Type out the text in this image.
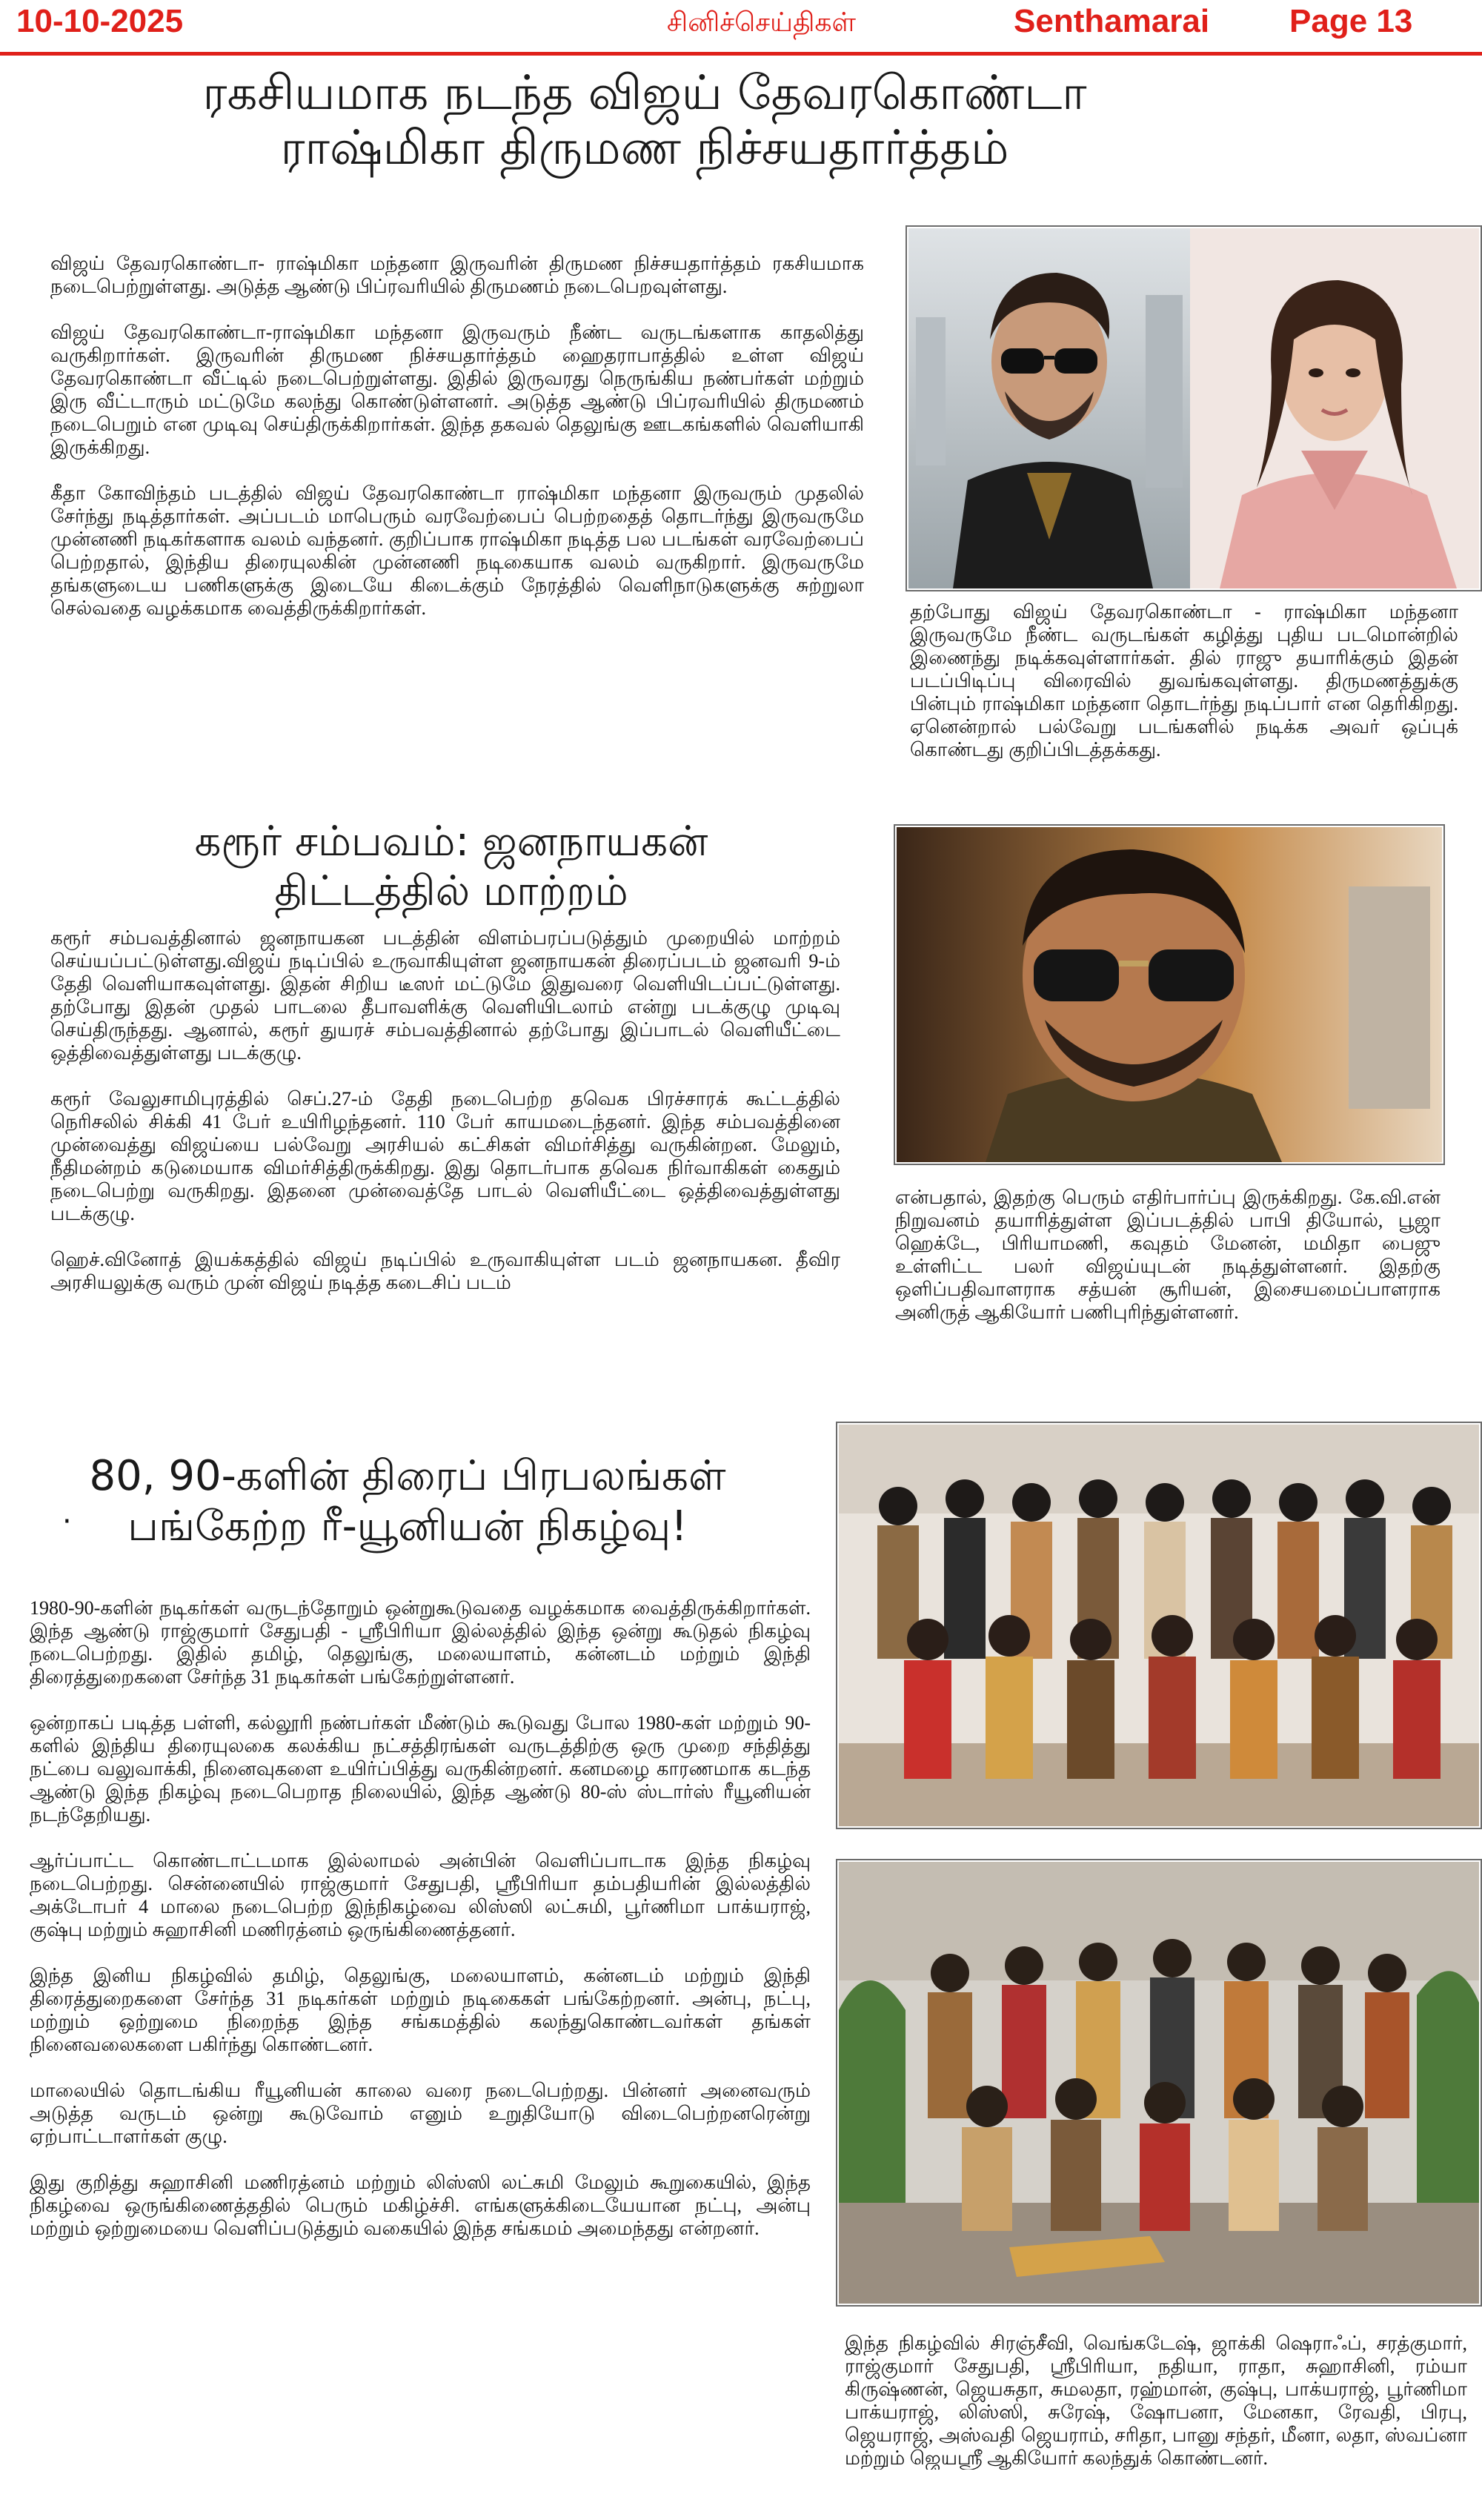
10-10-2025	சினிச்செய்திகள்	Senthamarai Page 13
ரகசியமாக நடந்த விஜய் தேவரகொண்டா
ராஷ்மிகா திருமண நிச்சயதார்த்தம்

விஜய் தேவரகொண்டா- ராஷ்மிகா மந்தனா இருவரின் திருமண நிச்சயதார்த்தம் ரகசியமாக நடைபெற்றுள்ளது. அடுத்த ஆண்டு பிப்ரவரியில் திருமணம் நடைபெறவுள்ளது.

விஜய் தேவரகொண்டா-ராஷ்மிகா மந்தனா இருவரும் நீண்ட வருடங்களாக காதலித்து வருகிறார்கள். இருவரின் திருமண நிச்சயதார்த்தம் ஹைதராபாத்தில் உள்ள விஜய் தேவரகொண்டா வீட்டில் நடைபெற்றுள்ளது. இதில் இருவரது நெருங்கிய நண்பர்கள் மற்றும் இரு வீட்டாரும் மட்டுமே கலந்து கொண்டுள்ளனர். அடுத்த ஆண்டு பிப்ரவரியில் திருமணம் நடைபெறும் என முடிவு செய்திருக்கிறார்கள். இந்த தகவல் தெலுங்கு ஊடகங்களில் வெளியாகி இருக்கிறது.

கீதா கோவிந்தம் படத்தில் விஜய் தேவரகொண்டா ராஷ்மிகா மந்தனா இருவரும் முதலில் சேர்ந்து நடித்தார்கள். அப்படம் மாபெரும் வரவேற்பைப் பெற்றதைத் தொடர்ந்து இருவருமே முன்னணி நடிகர்களாக வலம் வந்தனர். குறிப்பாக ராஷ்மிகா நடித்த பல படங்கள் வரவேற்பைப் பெற்றதால், இந்திய திரையுலகின் முன்னணி நடிகையாக வலம் வருகிறார். இருவருமே தங்களுடைய பணிகளுக்கு இடையே கிடைக்கும் நேரத்தில் வெளிநாடுகளுக்கு சுற்றுலா செல்வதை வழக்கமாக வைத்திருக்கிறார்கள்.	தற்போது விஜய் தேவரகொண்டா - ராஷ்மிகா மந்தனா இருவருமே நீண்ட வருடங்கள் கழித்து புதிய படமொன்றில் இணைந்து நடிக்கவுள்ளார்கள். தில் ராஜு தயாரிக்கும் இதன் படப்பிடிப்பு விரைவில் துவங்கவுள்ளது. திருமணத்துக்கு பின்பும் ராஷ்மிகா மந்தனா தொடர்ந்து நடிப்பார் என தெரிகிறது. ஏனென்றால் பல்வேறு படங்களில் நடிக்க அவர் ஒப்புக் கொண்டது குறிப்பிடத்தக்கது.
கரூர் சம்பவம்: ஜனநாயகன்
திட்டத்தில் மாற்றம்

கரூர் சம்பவத்தினால் ஜனநாயகன படத்தின் விளம்பரப்படுத்தும் முறையில் மாற்றம் செய்யப்பட்டுள்ளது.விஜய் நடிப்பில் உருவாகியுள்ள ஜனநாயகன் திரைப்படம் ஜனவரி 9-ம் தேதி வெளியாகவுள்ளது. இதன் சிறிய டீஸர் மட்டுமே இதுவரை வெளியிடப்பட்டுள்ளது. தற்போது இதன் முதல் பாடலை தீபாவளிக்கு வெளியிடலாம் என்று படக்குழு முடிவு செய்திருந்தது. ஆனால், கரூர் துயரச் சம்பவத்தினால் தற்போது இப்பாடல் வெளியீட்டை ஒத்திவைத்துள்ளது படக்குழு.

கரூர் வேலுசாமிபுரத்தில் செப்.27-ம் தேதி நடைபெற்ற தவெக பிரச்சாரக் கூட்டத்தில் நெரிசலில் சிக்கி 41 பேர் உயிரிழந்தனர். 110 பேர் காயமடைந்தனர். இந்த சம்பவத்தினை முன்வைத்து விஜய்யை பல்வேறு அரசியல் கட்சிகள் விமர்சித்து வருகின்றன. மேலும், நீதிமன்றம் கடுமையாக விமர்சித்திருக்கிறது. இது தொடர்பாக தவெக நிர்வாகிகள் கைதும் நடைபெற்று வருகிறது. இதனை முன்வைத்தே பாடல் வெளியீட்டை ஒத்திவைத்துள்ளது படக்குழு.

ஹெச்.வினோத் இயக்கத்தில் விஜய் நடிப்பில் உருவாகியுள்ள படம் ஜனநாயகன. தீவிர அரசியலுக்கு வரும் முன் விஜய் நடித்த கடைசிப் படம்

என்பதால், இதற்கு பெரும் எதிர்பார்ப்பு இருக்கிறது. கே.வி.என் நிறுவனம் தயாரித்துள்ள இப்படத்தில் பாபி தியோல், பூஜா ஹெக்டே, பிரியாமணி, கவுதம் மேனன், மமிதா பைஜு உள்ளிட்ட பலர் விஜய்யுடன் நடித்துள்ளனர். இதற்கு ஒளிப்பதிவாளராக சத்யன் சூரியன், இசையமைப்பாளராக அனிருத் ஆகியோர் பணிபுரிந்துள்ளனர்.
80, 90-களின் திரைப் பிரபலங்கள்
பங்கேற்ற ரீ-யூனியன் நிகழ்வு!
·

1980-90-களின் நடிகர்கள் வருடந்தோறும் ஒன்றுகூடுவதை வழக்கமாக வைத்திருக்கிறார்கள். இந்த ஆண்டு ராஜ்குமார் சேதுபதி - ஸ்ரீபிரியா இல்லத்தில் இந்த ஒன்று கூடுதல் நிகழ்வு நடைபெற்றது. இதில் தமிழ், தெலுங்கு, மலையாளம், கன்னடம் மற்றும் இந்தி திரைத்துறைகளை சேர்ந்த 31 நடிகர்கள் பங்கேற்றுள்ளனர்.

ஒன்றாகப் படித்த பள்ளி, கல்லூரி நண்பர்கள் மீண்டும் கூடுவது போல 1980-கள் மற்றும் 90-களில் இந்திய திரையுலகை கலக்கிய நட்சத்திரங்கள் வருடத்திற்கு ஒரு முறை சந்தித்து நட்பை வலுவாக்கி, நினைவுகளை உயிர்ப்பித்து வருகின்றனர். கனமழை காரணமாக கடந்த ஆண்டு இந்த நிகழ்வு நடைபெறாத நிலையில், இந்த ஆண்டு 80-ஸ் ஸ்டார்ஸ் ரீயூனியன் நடந்தேறியது.

ஆர்ப்பாட்ட கொண்டாட்டமாக இல்லாமல் அன்பின் வெளிப்பாடாக இந்த நிகழ்வு நடைபெற்றது. சென்னையில் ராஜ்குமார் சேதுபதி, ஸ்ரீபிரியா தம்பதியரின் இல்லத்தில் அக்டோபர் 4 மாலை நடைபெற்ற இந்நிகழ்வை லிஸ்ஸி லட்சுமி, பூர்ணிமா பாக்யராஜ், குஷ்பு மற்றும் சுஹாசினி மணிரத்னம் ஒருங்கிணைத்தனர்.

இந்த இனிய நிகழ்வில் தமிழ், தெலுங்கு, மலையாளம், கன்னடம் மற்றும் இந்தி திரைத்துறைகளை சேர்ந்த 31 நடிகர்கள் மற்றும் நடிகைகள் பங்கேற்றனர். அன்பு, நட்பு, மற்றும் ஒற்றுமை நிறைந்த இந்த சங்கமத்தில் கலந்துகொண்டவர்கள் தங்கள் நினைவலைகளை பகிர்ந்து கொண்டனர்.

மாலையில் தொடங்கிய ரீயூனியன் காலை வரை நடைபெற்றது. பின்னர் அனைவரும் அடுத்த வருடம் ஒன்று கூடுவோம் எனும் உறுதியோடு விடைபெற்றனரென்று ஏற்பாட்டாளர்கள் குழு.

இது குறித்து சுஹாசினி மணிரத்னம் மற்றும் லிஸ்ஸி லட்சுமி மேலும் கூறுகையில், இந்த நிகழ்வை ஒருங்கிணைத்ததில் பெரும் மகிழ்ச்சி. எங்களுக்கிடையேயான நட்பு, அன்பு மற்றும் ஒற்றுமையை வெளிப்படுத்தும் வகையில் இந்த சங்கமம் அமைந்தது என்றனர்.

இந்த நிகழ்வில் சிரஞ்சீவி, வெங்கடேஷ், ஜாக்கி ஷெராஃப், சரத்குமார், ராஜ்குமார் சேதுபதி, ஸ்ரீபிரியா, நதியா, ராதா, சுஹாசினி, ரம்யா கிருஷ்ணன், ஜெயசுதா, சுமலதா, ரஹ்மான், குஷ்பு, பாக்யராஜ், பூர்ணிமா பாக்யராஜ், லிஸ்ஸி, சுரேஷ், ஷோபனா, மேனகா, ரேவதி, பிரபு, ஜெயராஜ், அஸ்வதி ஜெயராம், சரிதா, பானு சந்தர், மீனா, லதா, ஸ்வப்னா மற்றும் ஜெயஸ்ரீ ஆகியோர் கலந்துக் கொண்டனர்.
